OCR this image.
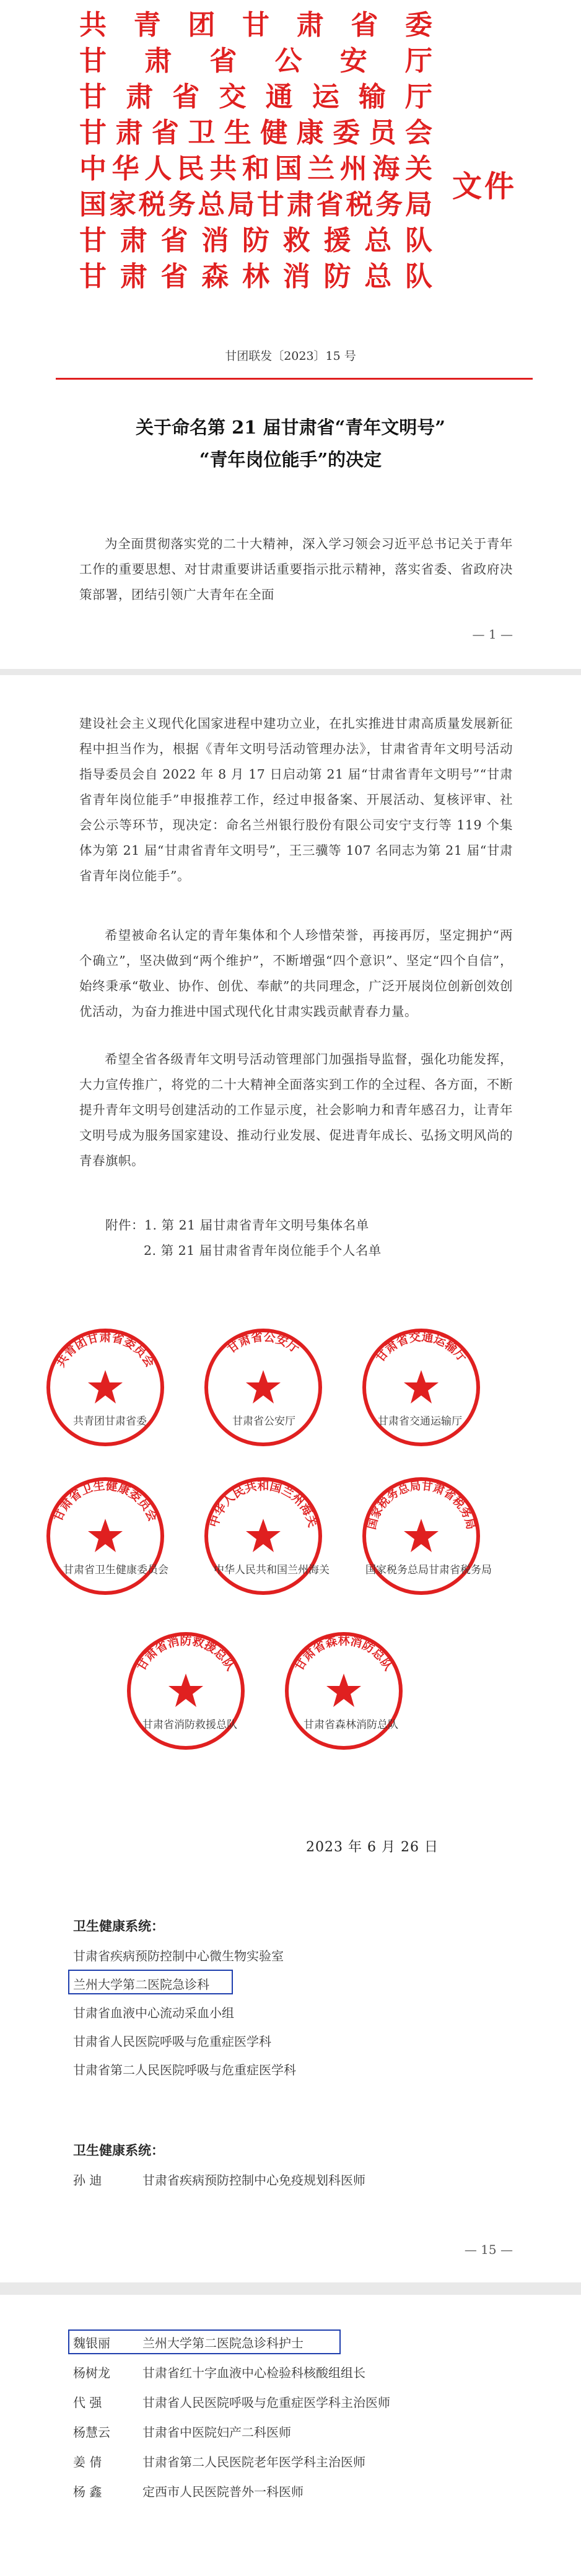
共青团甘肃省委
甘肃省公安厅
甘肃省交通运输厅
甘肃省卫生健康委员会
中华人民共和国兰州海关
国家税务总局甘肃省税务局
甘肃省消防救援总队
甘肃省森林消防总队
文件
甘团联发〔2023〕15 号
关于命名第 21 届甘肃省“青年文明号”
“青年岗位能手”的决定
为全面贯彻落实党的二十大精神，深入学习领会习近平总书记关于青年工作的重要思想、对甘肃重要讲话重要指示批示精神，落实省委、省政府决策部署，团结引领广大青年在全面
— 1 —
建设社会主义现代化国家进程中建功立业，在扎实推进甘肃高质量发展新征程中担当作为，根据《青年文明号活动管理办法》，甘肃省青年文明号活动指导委员会自 2022 年 8 月 17 日启动第 21 届“甘肃省青年文明号”“甘肃省青年岗位能手”申报推荐工作，经过申报备案、开展活动、复核评审、社会公示等环节，现决定：命名兰州银行股份有限公司安宁支行等 119 个集体为第 21 届“甘肃省青年文明号”，王三骥等 107 名同志为第 21 届“甘肃省青年岗位能手”。
希望被命名认定的青年集体和个人珍惜荣誉，再接再厉，坚定拥护“两个确立”，坚决做到“两个维护”，不断增强“四个意识”、坚定“四个自信”，始终秉承“敬业、协作、创优、奉献”的共同理念，广泛开展岗位创新创效创优活动，为奋力推进中国式现代化甘肃实践贡献青春力量。
希望全省各级青年文明号活动管理部门加强指导监督，强化功能发挥，大力宣传推广，将党的二十大精神全面落实到工作的全过程、各方面，不断提升青年文明号创建活动的工作显示度，社会影响力和青年感召力，让青年文明号成为服务国家建设、推动行业发展、促进青年成长、弘扬文明风尚的青春旗帜。
附件：1. 第 21 届甘肃省青年文明号集体名单
2. 第 21 届甘肃省青年岗位能手个人名单
共青团甘肃省委员会
甘肃省公安厅	甘肃省交通运输厅
甘肃省卫生健康委员会	中华人民共和国兰州海关	国家税务总局甘肃省税务局
甘肃省消防救援总队	甘肃省森林消防总队
共青团甘肃省委	甘肃省公安厅	甘肃省交通运输厅
甘肃省卫生健康委员会	中华人民共和国兰州海关	国家税务总局甘肃省税务局
甘肃省消防救援总队	甘肃省森林消防总队
2023 年 6 月 26 日
卫生健康系统：
甘肃省疾病预防控制中心微生物实验室
兰州大学第二医院急诊科
甘肃省血液中心流动采血小组
甘肃省人民医院呼吸与危重症医学科
甘肃省第二人民医院呼吸与危重症医学科
卫生健康系统：
孙 迪	甘肃省疾病预防控制中心免疫规划科医师
— 15 —
魏银丽	兰州大学第二医院急诊科护士
杨树龙	甘肃省红十字血液中心检验科核酸组组长
代 强	甘肃省人民医院呼吸与危重症医学科主治医师
杨慧云	甘肃省中医院妇产二科医师
姜 倩	甘肃省第二人民医院老年医学科主治医师
杨 鑫	定西市人民医院普外一科医师
